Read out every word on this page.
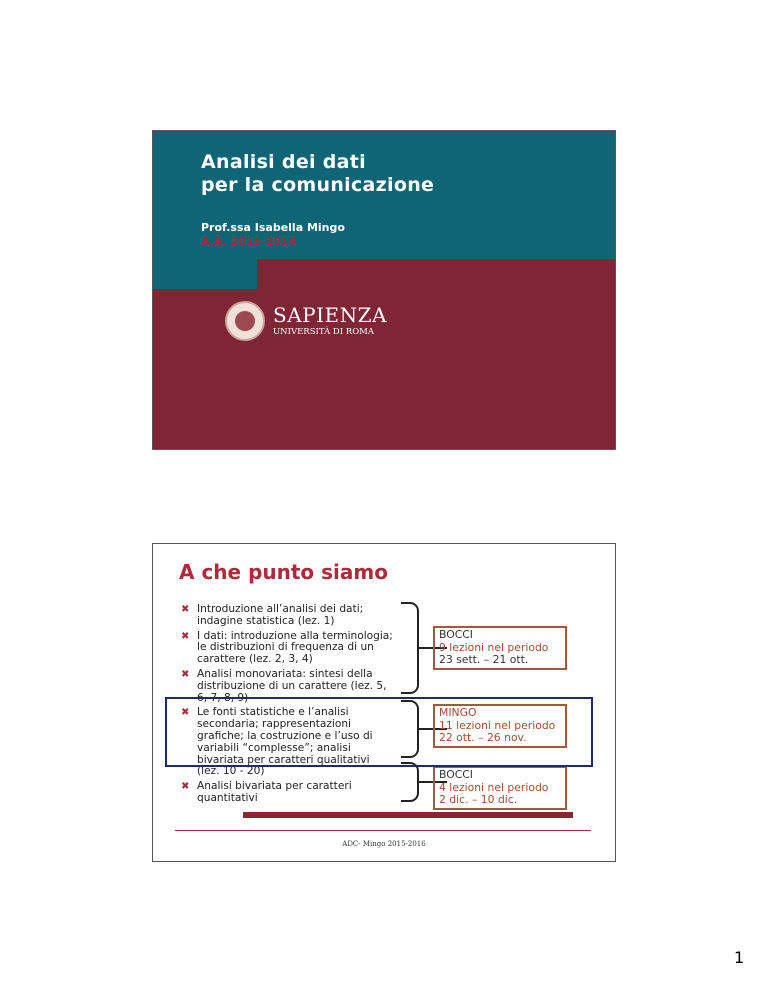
Analisi dei dati
per la comunicazione
Prof.ssa Isabella Mingo
A.A. 2015-2016
SAPIENZA
UNIVERSITÀ DI ROMA
A che punto siamo
✖ Introduzione all’analisi dei dati;
indagine statistica (lez. 1)
✖ I dati: introduzione alla terminologia;
le distribuzioni di frequenza di un
carattere (lez. 2, 3, 4)
✖ Analisi monovariata: sintesi della
distribuzione di un carattere (lez. 5,
6, 7, 8, 9)
✖ Le fonti statistiche e l’analisi
secondaria; rappresentazioni
grafiche; la costruzione e l’uso di
variabili “complesse”; analisi
bivariata per caratteri qualitativi
(lez. 10 - 20)
✖ Analisi bivariata per caratteri
quantitativi
BOCCI
9 lezioni nel periodo
23 sett. – 21 ott.
MINGO
11 lezioni nel periodo
22 ott. – 26 nov.
BOCCI
4 lezioni nel periodo
2 dic. – 10 dic.
ADC- Mingo 2015-2016
1
